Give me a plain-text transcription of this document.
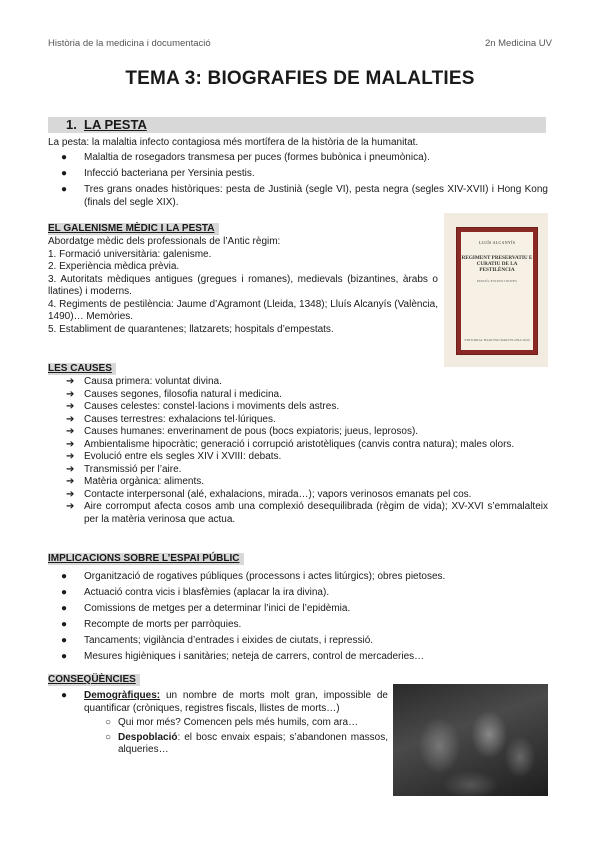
Història de la medicina i documentació	2n Medicina UV
TEMA 3: BIOGRAFIES DE MALALTIES
1. LA PESTA
La pesta: la malaltia infecto contagiosa més mortífera de la història de la humanitat.
● Malaltia de rosegadors transmesa per puces (formes bubònica i pneumònica).
● Infecció bacteriana per Yersinia pestis.
● Tres grans onades històriques: pesta de Justinià (segle VI), pesta negra (segles XIV-XVII) i Hong Kong (finals del segle XIX).
EL GALENISME MÈDIC I LA PESTA
Abordatge mèdic dels professionals de l’Antic règim:
1. Formació universitària: galenisme.
2. Experiència mèdica prèvia.
3. Autoritats mèdiques antigues (gregues i romanes), medievals (bizantines, àrabs o llatines) i moderns.
4. Regiments de pestilència: Jaume d’Agramont (Lleida, 1348); Lluís Alcanyís (València, 1490)… Memòries.
5. Establiment de quarantenes; llatzarets; hospitals d’empestats.
LLUÍS ALCANYÍS
REGIMENT PRESERVATIU E CURATIU DE LA PESTILÈNCIA
EDICIÓ, ESTUDI I NOTES
EDITORIAL BARCINO BARCELONA 2020
LES CAUSES
➔ Causa primera: voluntat divina.
➔ Causes segones, filosofia natural i medicina.
➔ Causes celestes: constel·lacions i moviments dels astres.
➔ Causes terrestres: exhalacions tel·lúriques.
➔ Causes humanes: enverinament de pous (bocs expiatoris; jueus, leprosos).
➔ Ambientalisme hipocràtic; generació i corrupció aristotèliques (canvis contra natura); males olors.
➔ Evolució entre els segles XIV i XVIII: debats.
➔ Transmissió per l’aire.
➔ Matèria orgànica: aliments.
➔ Contacte interpersonal (alé, exhalacions, mirada…); vapors verinosos emanats pel cos.
➔ Aire corromput afecta cosos amb una complexió desequilibrada (règim de vida); XV-XVI s’emmalalteix per la matèria verinosa que actua.
IMPLICACIONS SOBRE L’ESPAI PÚBLIC
● Organització de rogatives públiques (processons i actes litúrgics); obres pietoses.
● Actuació contra vicis i blasfèmies (aplacar la ira divina).
● Comissions de metges per a determinar l’inici de l’epidèmia.
● Recompte de morts per parròquies.
● Tancaments; vigilància d’entrades i eixides de ciutats, i repressió.
● Mesures higièniques i sanitàries; neteja de carrers, control de mercaderies…
CONSEQÜÈNCIES
● Demogràfiques: un nombre de morts molt gran, impossible de quantificar (cròniques, registres fiscals, llistes de morts…)
○ Qui mor més? Comencen pels més humils, com ara…
○ Despoblació: el bosc envaix espais; s’abandonen massos, alqueries…
